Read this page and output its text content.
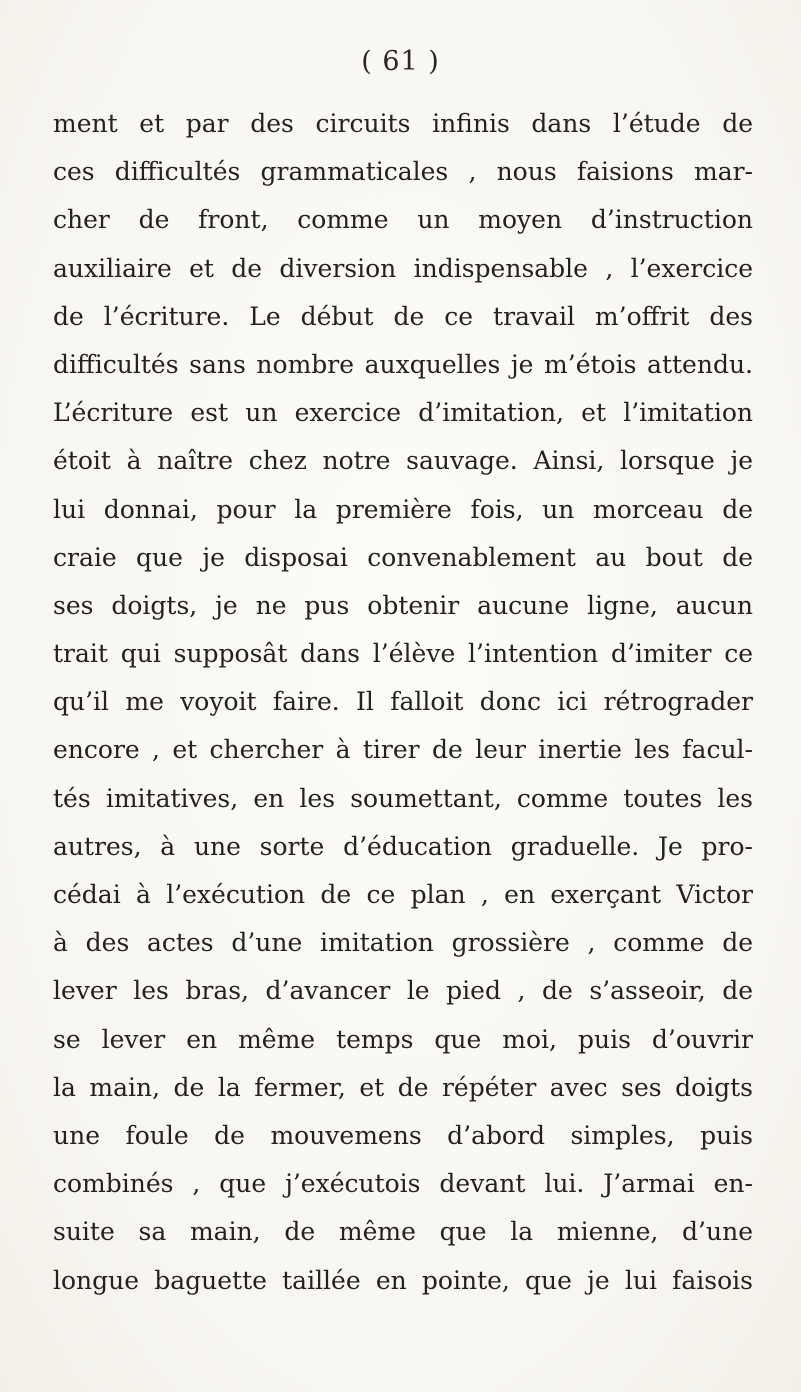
( 61 )
ment et par des circuits infinis dans l’étude de
ces difficultés grammaticales , nous faisions mar-
cher de front, comme un moyen d’instruction
auxiliaire et de diversion indispensable , l’exercice
de l’écriture. Le début de ce travail m’offrit des
difficultés sans nombre auxquelles je m’étois attendu.
L’écriture est un exercice d’imitation, et l’imitation
étoit à naître chez notre sauvage. Ainsi, lorsque je
lui donnai, pour la première fois, un morceau de
craie que je disposai convenablement au bout de
ses doigts, je ne pus obtenir aucune ligne, aucun
trait qui supposât dans l’élève l’intention d’imiter ce
qu’il me voyoit faire. Il falloit donc ici rétrograder
encore , et chercher à tirer de leur inertie les facul-
tés imitatives, en les soumettant, comme toutes les
autres, à une sorte d’éducation graduelle. Je pro-
cédai à l’exécution de ce plan , en exerçant Victor
à des actes d’une imitation grossière , comme de
lever les bras, d’avancer le pied , de s’asseoir, de
se lever en même temps que moi, puis d’ouvrir
la main, de la fermer, et de répéter avec ses doigts
une foule de mouvemens d’abord simples, puis
combinés , que j’exécutois devant lui. J’armai en-
suite sa main, de même que la mienne, d’une
longue baguette taillée en pointe, que je lui faisois
